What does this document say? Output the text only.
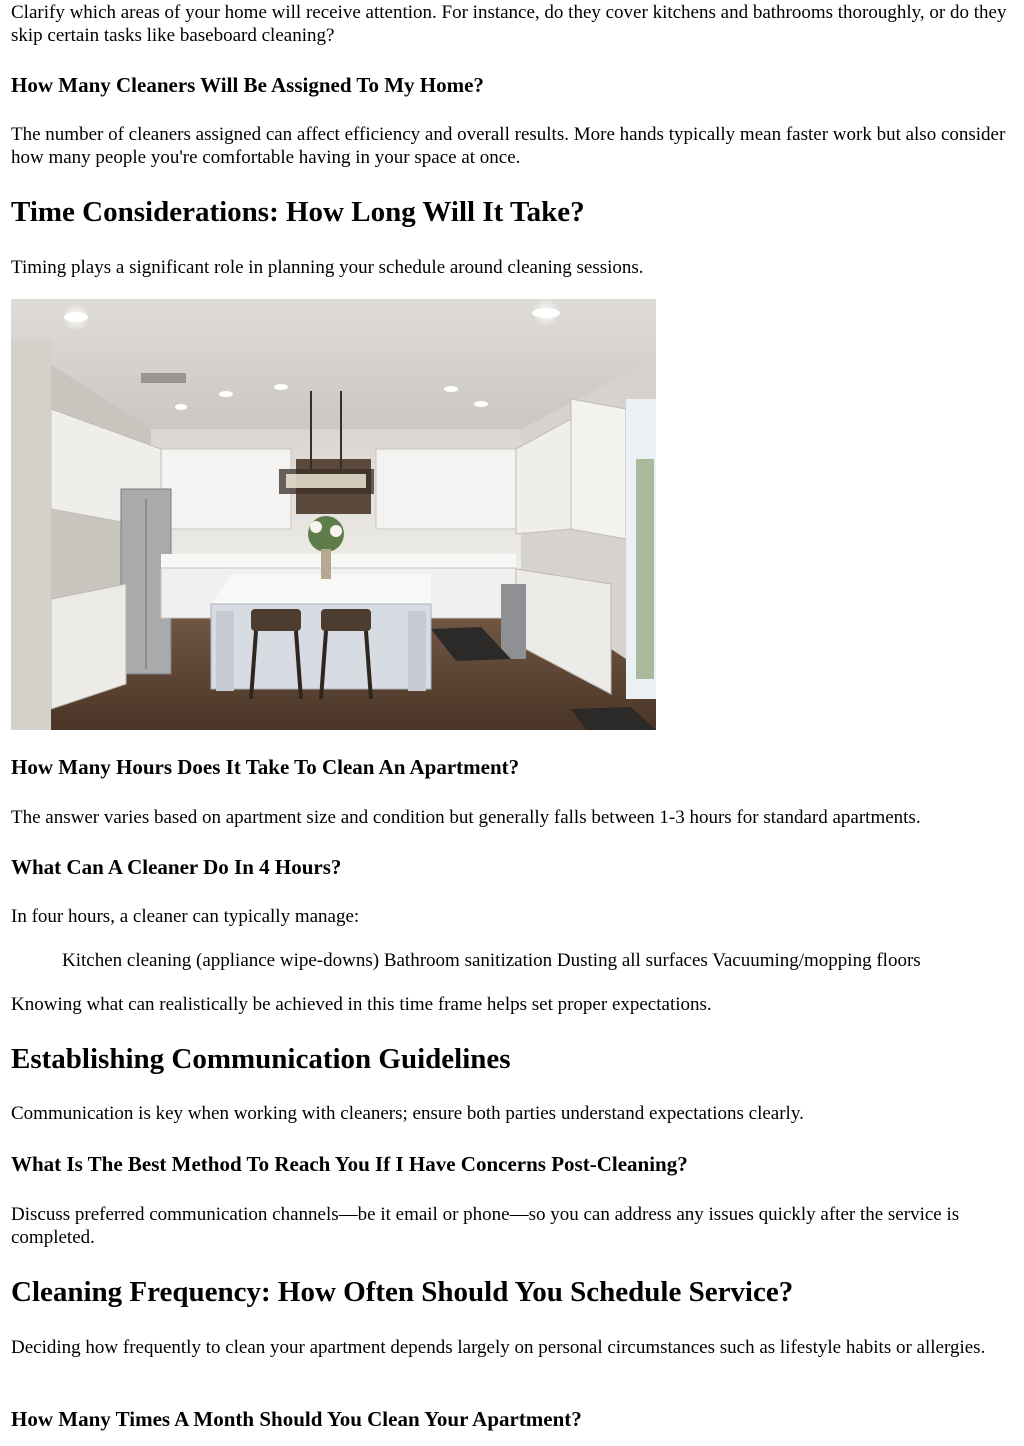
Clarify which areas of your home will receive attention. For instance, do they cover kitchens and bathrooms thoroughly, or do they skip certain tasks like baseboard cleaning?

How Many Cleaners Will Be Assigned To My Home?

The number of cleaners assigned can affect efficiency and overall results. More hands typically mean faster work but also consider how many people you're comfortable having in your space at once.

Time Considerations: How Long Will It Take?

Timing plays a significant role in planning your schedule around cleaning sessions.

How Many Hours Does It Take To Clean An Apartment?

The answer varies based on apartment size and condition but generally falls between 1-3 hours for standard apartments.

What Can A Cleaner Do In 4 Hours?

In four hours, a cleaner can typically manage:

Kitchen cleaning (appliance wipe-downs) Bathroom sanitization Dusting all surfaces Vacuuming/mopping floors

Knowing what can realistically be achieved in this time frame helps set proper expectations.

Establishing Communication Guidelines

Communication is key when working with cleaners; ensure both parties understand expectations clearly.

What Is The Best Method To Reach You If I Have Concerns Post-Cleaning?

Discuss preferred communication channels—be it email or phone—so you can address any issues quickly after the service is completed.

Cleaning Frequency: How Often Should You Schedule Service?

Deciding how frequently to clean your apartment depends largely on personal circumstances such as lifestyle habits or allergies.

How Many Times A Month Should You Clean Your Apartment?
